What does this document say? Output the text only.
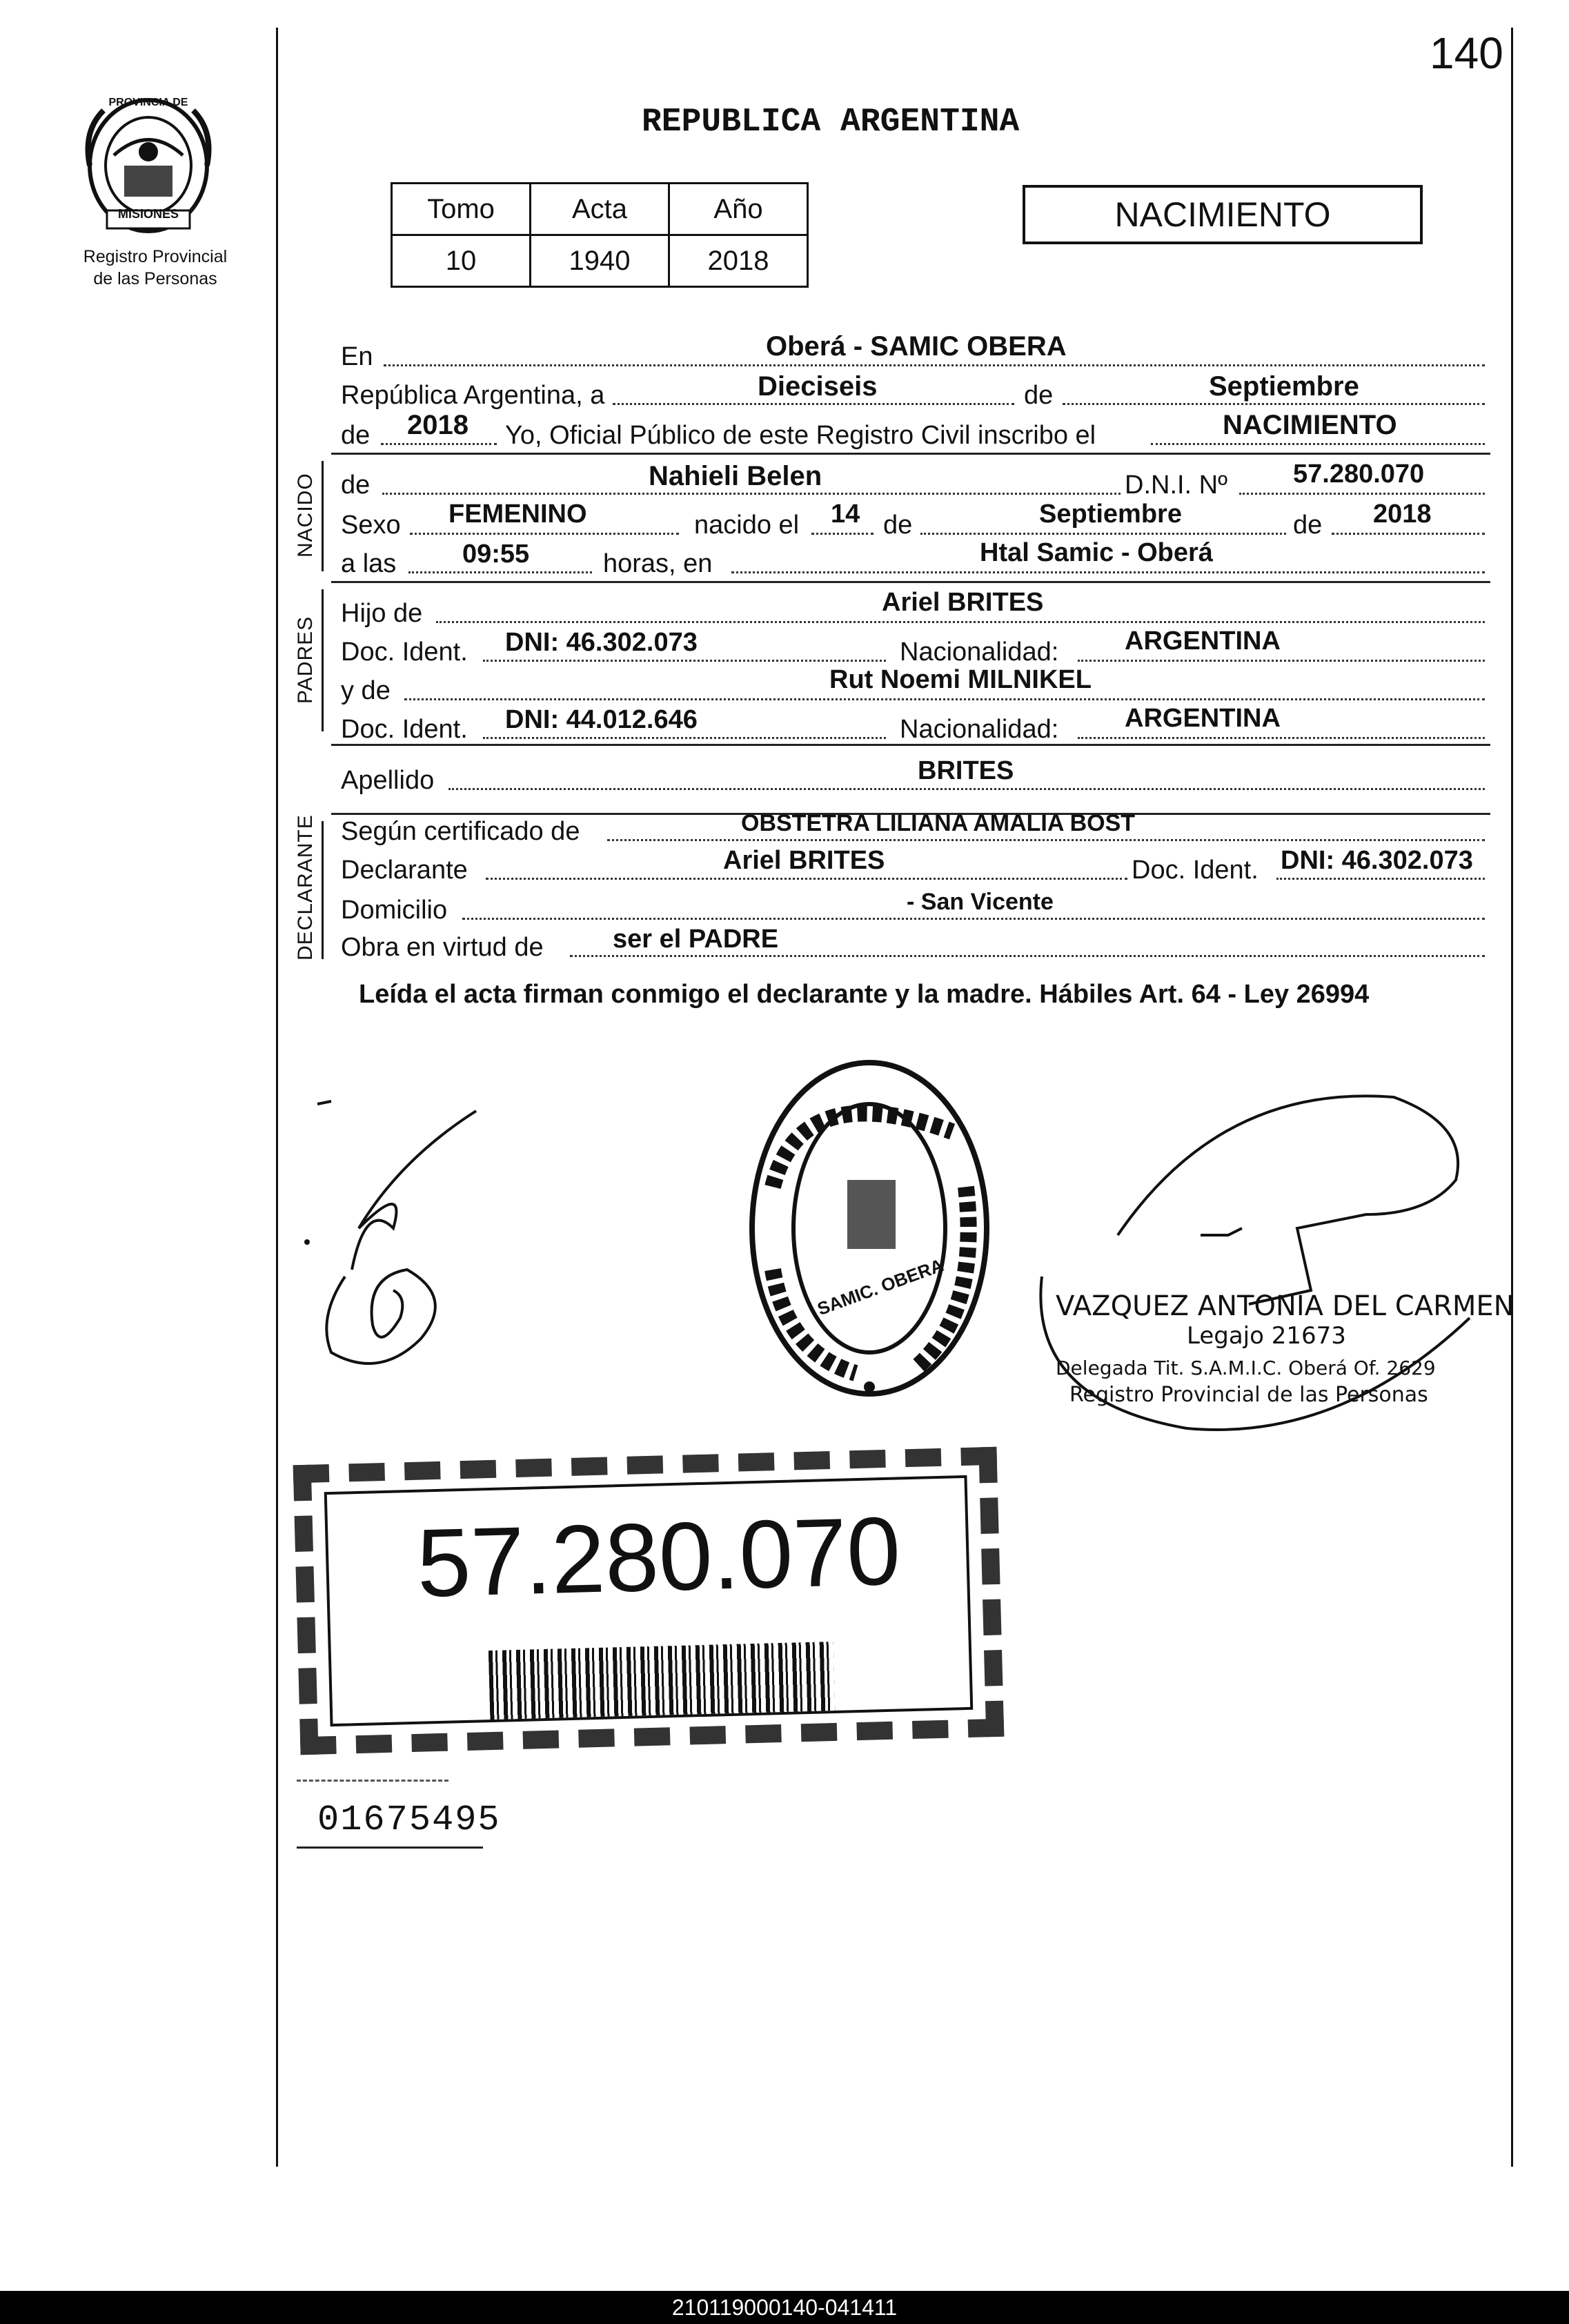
140
MISIONES
PROVINCIA DE
Registro Provincial
de las Personas
REPUBLICA ARGENTINA
Tomo	Acta	Año
10	1940	2018
NACIMIENTO
En	Oberá - SAMIC OBERA
República Argentina, a	Dieciseis	de	Septiembre
de 2018 Yo, Oficial Público de este Registro Civil inscribo el	NACIMIENTO
NACIDO de	Nahieli Belen	D.N.I. Nº	57.280.070
Sexo FEMENINO	nacido el 14 de	Septiembre	de 2018
a las	09:55	horas, en	Htal Samic - Oberá
PADRES
Hijo de	Ariel BRITES
Doc. Ident. DNI: 46.302.073	Nacionalidad:	ARGENTINA
y de	Rut Noemi MILNIKEL
Doc. Ident. DNI: 44.012.646	Nacionalidad:	ARGENTINA
Apellido	BRITES
DECLARANTE Según certificado de	OBSTETRA LILIANA AMALIA BOST
Declarante	Ariel BRITES	Doc. Ident. DNI: 46.302.073
Domicilio	- San Vicente
Obra en virtud de	ser el PADRE
Leída el acta firman conmigo el declarante y la madre. Hábiles Art. 64 - Ley 26994
SAMIC. OBERA	VAZQUEZ ANTONIA DEL CARMEN
Legajo 21673
Delegada Tit. S.A.M.I.C. Oberá Of. 2629
Registro Provincial de las Personas
57.280.070
01675495
210119000140-041411
